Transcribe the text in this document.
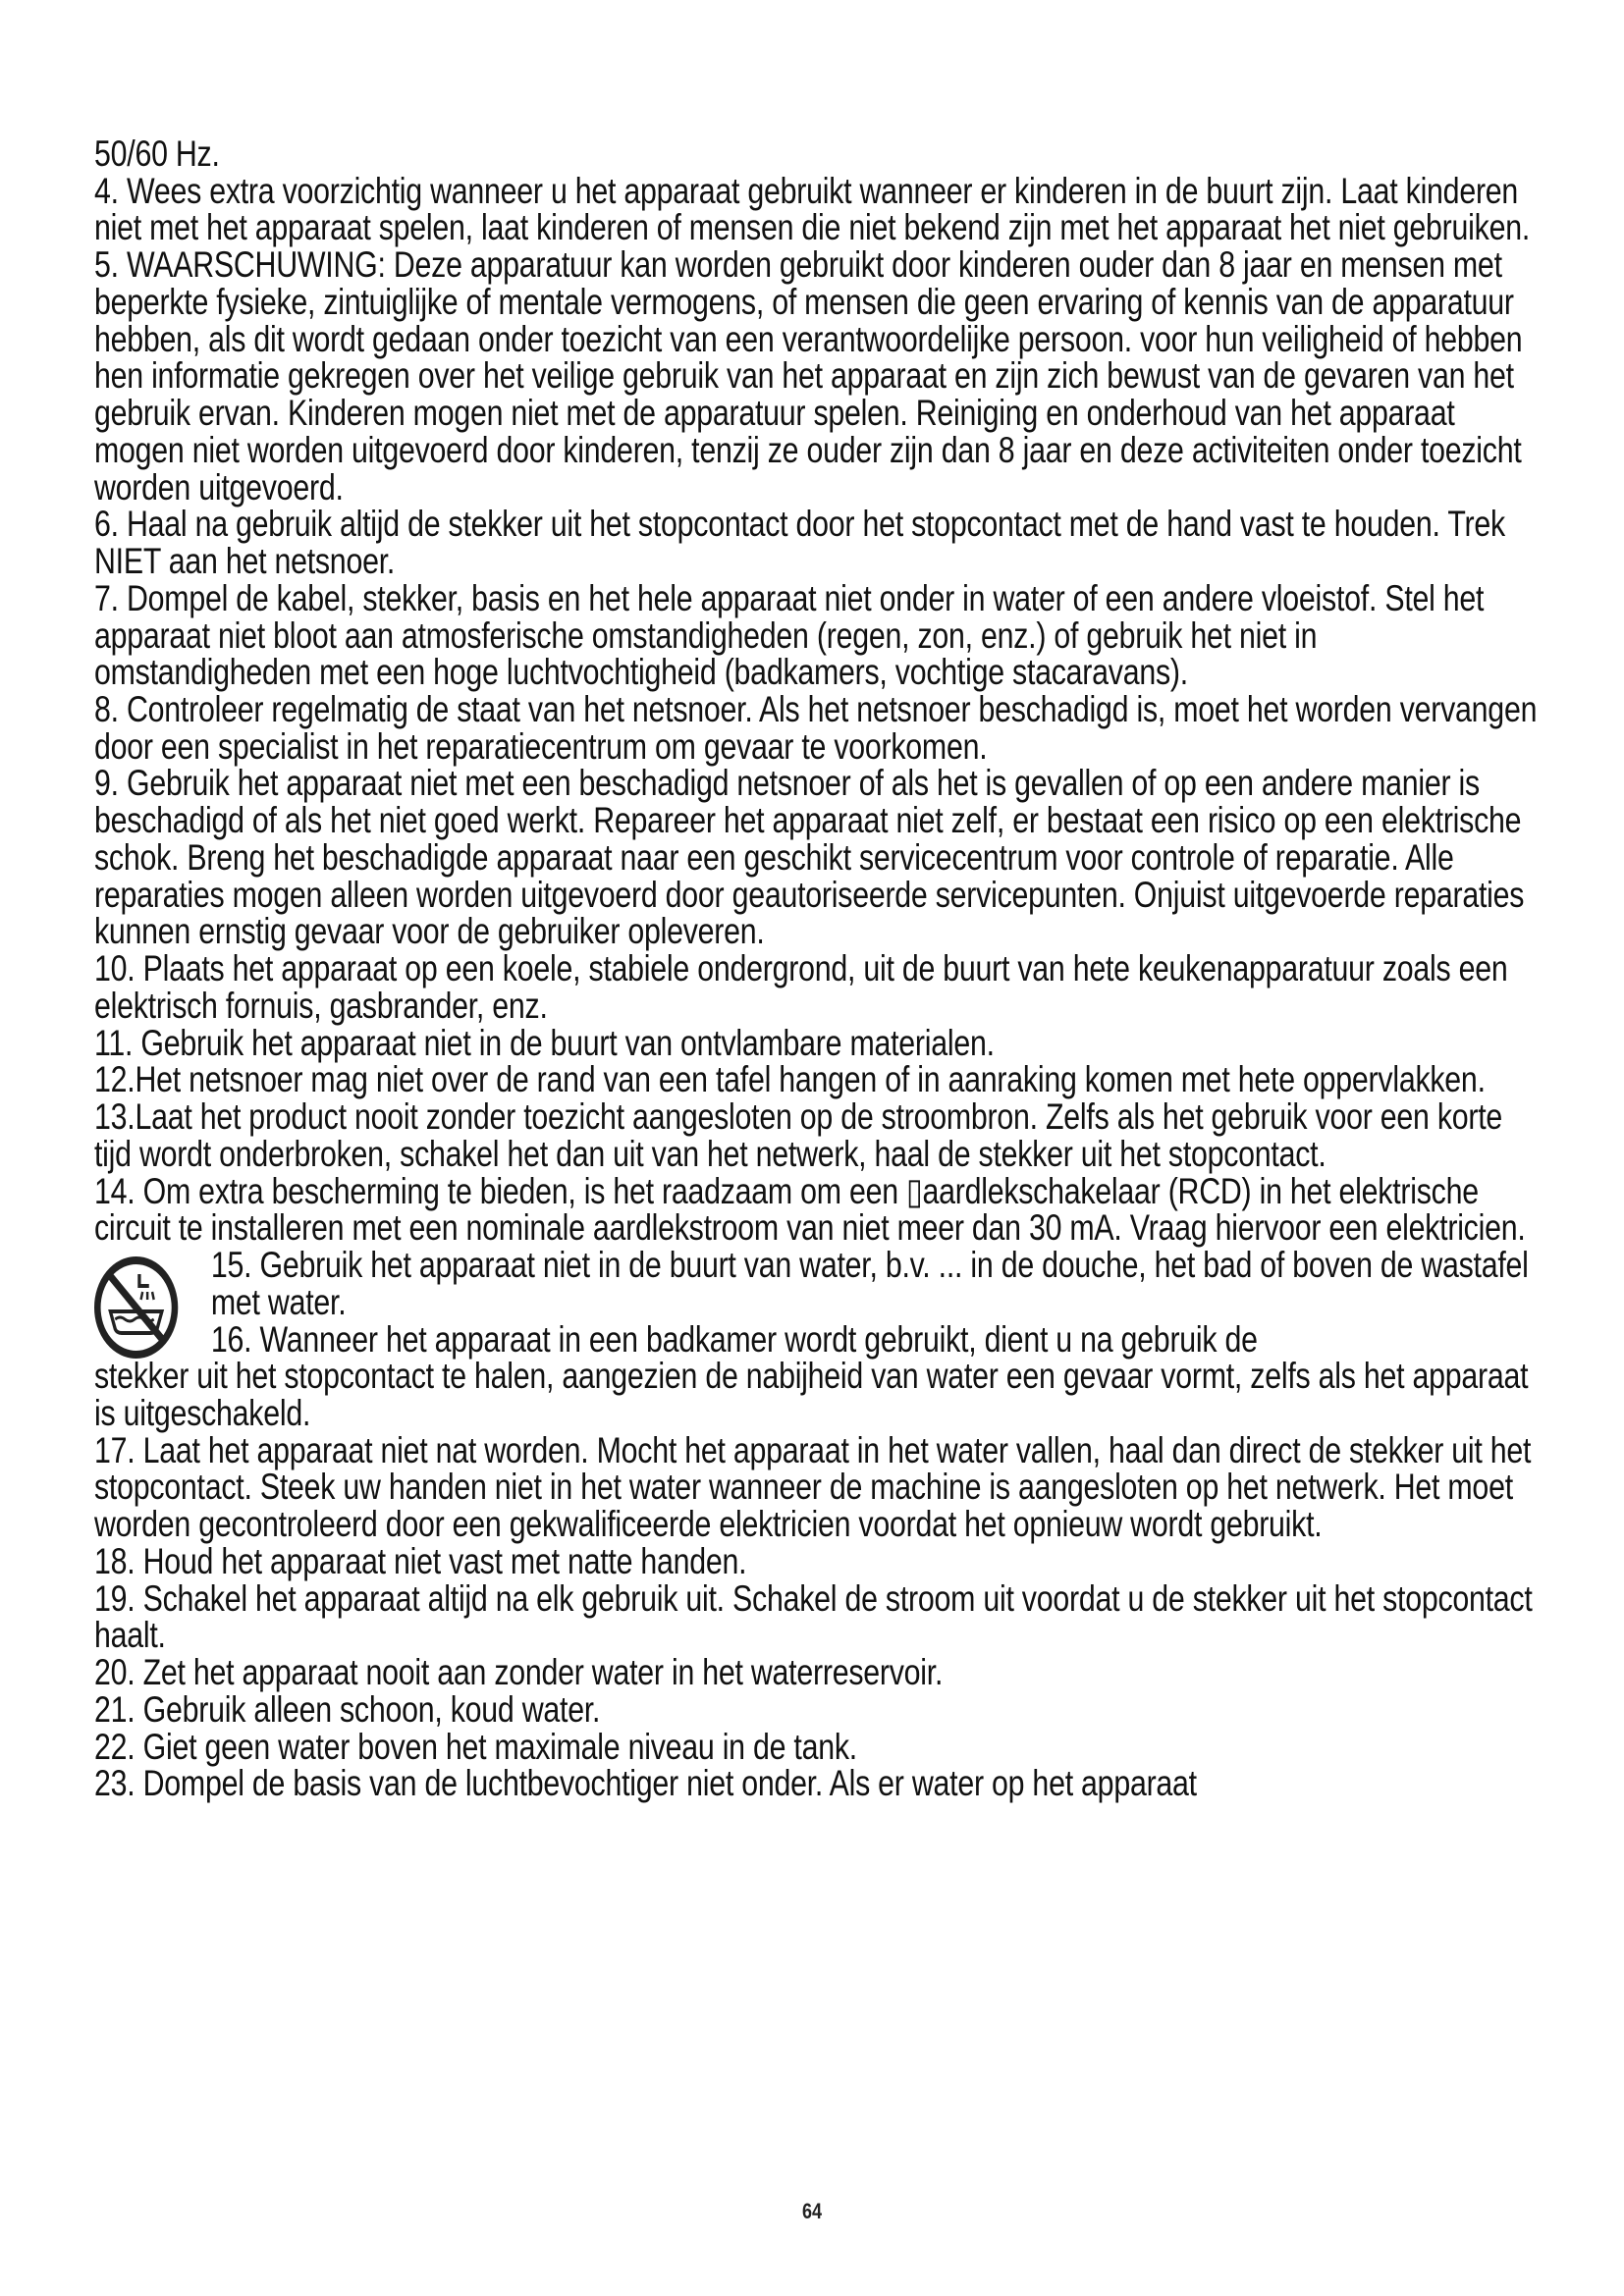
50/60 Hz.

4. Wees extra voorzichtig wanneer u het apparaat gebruikt wanneer er kinderen in de buurt zijn. Laat kinderen niet met het apparaat spelen, laat kinderen of mensen die niet bekend zijn met het apparaat het niet gebruiken.

5. WAARSCHUWING: Deze apparatuur kan worden gebruikt door kinderen ouder dan 8 jaar en mensen met beperkte fysieke, zintuiglijke of mentale vermogens, of mensen die geen ervaring of kennis van de apparatuur hebben, als dit wordt gedaan onder toezicht van een verantwoordelijke persoon. voor hun veiligheid of hebben hen informatie gekregen over het veilige gebruik van het apparaat en zijn zich bewust van de gevaren van het gebruik ervan. Kinderen mogen niet met de apparatuur spelen. Reiniging en onderhoud van het apparaat mogen niet worden uitgevoerd door kinderen, tenzij ze ouder zijn dan 8 jaar en deze activiteiten onder toezicht worden uitgevoerd.

6. Haal na gebruik altijd de stekker uit het stopcontact door het stopcontact met de hand vast te houden. Trek NIET aan het netsnoer.

7. Dompel de kabel, stekker, basis en het hele apparaat niet onder in water of een andere vloeistof. Stel het apparaat niet bloot aan atmosferische omstandigheden (regen, zon, enz.) of gebruik het niet in omstandigheden met een hoge luchtvochtigheid (badkamers, vochtige stacaravans).

8. Controleer regelmatig de staat van het netsnoer. Als het netsnoer beschadigd is, moet het worden vervangen door een specialist in het reparatiecentrum om gevaar te voorkomen.

9. Gebruik het apparaat niet met een beschadigd netsnoer of als het is gevallen of op een andere manier is beschadigd of als het niet goed werkt. Repareer het apparaat niet zelf, er bestaat een risico op een elektrische schok. Breng het beschadigde apparaat naar een geschikt servicecentrum voor controle of reparatie. Alle reparaties mogen alleen worden uitgevoerd door geautoriseerde servicepunten. Onjuist uitgevoerde reparaties kunnen ernstig gevaar voor de gebruiker opleveren.

10. Plaats het apparaat op een koele, stabiele ondergrond, uit de buurt van hete keukenapparatuur zoals een elektrisch fornuis, gasbrander, enz.

11. Gebruik het apparaat niet in de buurt van ontvlambare materialen.

12.Het netsnoer mag niet over de rand van een tafel hangen of in aanraking komen met hete oppervlakken.

13.Laat het product nooit zonder toezicht aangesloten op de stroombron. Zelfs als het gebruik voor een korte tijd wordt onderbroken, schakel het dan uit van het netwerk, haal de stekker uit het stopcontact.

14. Om extra bescherming te bieden, is het raadzaam om een ▯aardlekschakelaar (RCD) in het elektrische circuit te installeren met een nominale aardlekstroom van niet meer dan 30 mA. Vraag hiervoor een elektricien.

15. Gebruik het apparaat niet in de buurt van water, b.v. ... in de douche, het bad of boven de wastafel met water.

16. Wanneer het apparaat in een badkamer wordt gebruikt, dient u na gebruik de

stekker uit het stopcontact te halen, aangezien de nabijheid van water een gevaar vormt, zelfs als het apparaat is uitgeschakeld.

17. Laat het apparaat niet nat worden. Mocht het apparaat in het water vallen, haal dan direct de stekker uit het stopcontact. Steek uw handen niet in het water wanneer de machine is aangesloten op het netwerk. Het moet worden gecontroleerd door een gekwalificeerde elektricien voordat het opnieuw wordt gebruikt.

18. Houd het apparaat niet vast met natte handen.

19. Schakel het apparaat altijd na elk gebruik uit. Schakel de stroom uit voordat u de stekker uit het stopcontact haalt.

20. Zet het apparaat nooit aan zonder water in het waterreservoir.

21. Gebruik alleen schoon, koud water.

22. Giet geen water boven het maximale niveau in de tank.

23. Dompel de basis van de luchtbevochtiger niet onder. Als er water op het apparaat

64
